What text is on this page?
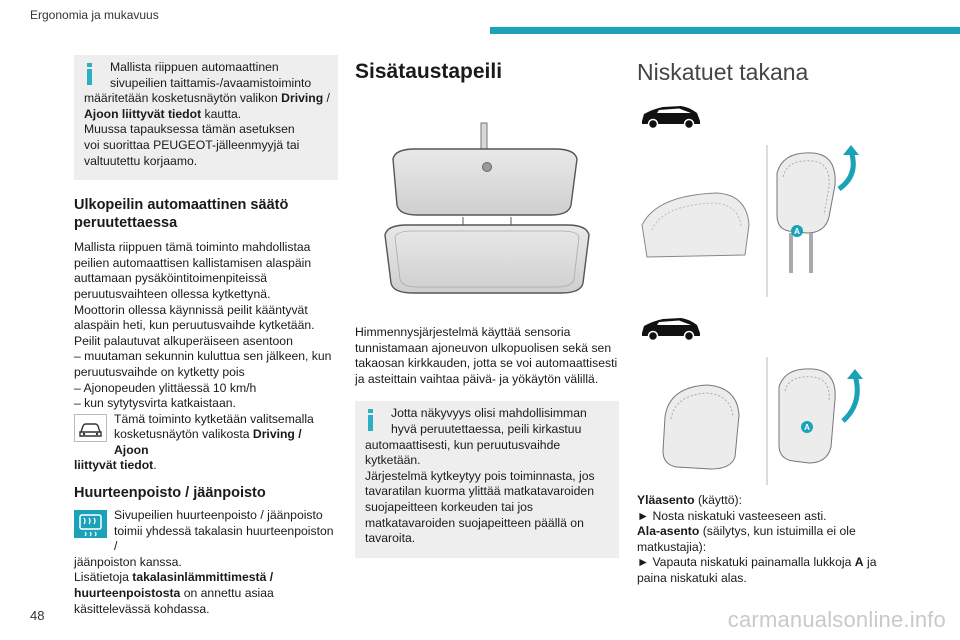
Ergonomia ja mukavuus

Mallista riippuen automaattinen

sivupeilien taittamis-/avaamistoiminto

määritetään kosketusnäytön valikon Driving /

Ajoon liittyvät tiedot kautta.

Muussa tapauksessa tämän asetuksen

voi suorittaa PEUGEOT-jälleenmyyjä tai

valtuutettu korjaamo.

Ulkopeilin automaattinen säätö
peruutettaessa

Mallista riippuen tämä toiminto mahdollistaa

peilien automaattisen kallistamisen alaspäin

auttamaan pysäköintitoimenpiteissä

peruutusvaihteen ollessa kytkettynä.

Moottorin ollessa käynnissä peilit kääntyvät

alaspäin heti, kun peruutusvaihde kytketään.

Peilit palautuvat alkuperäiseen asentoon

– muutaman sekunnin kuluttua sen jälkeen, kun

peruutusvaihde on kytketty pois

– Ajonopeuden ylittäessä 10 km/h

– kun sytytysvirta katkaistaan.

Tämä toiminto kytketään valitsemalla

kosketusnäytön valikosta Driving / Ajoon

liittyvät tiedot.

Huurteenpoisto / jäänpoisto

Sivupeilien huurteenpoisto / jäänpoisto

toimii yhdessä takalasin huurteenpoiston /

jäänpoiston kanssa.

Lisätietoja takalasinlämmittimestä /

huurteenpoistosta on annettu asiaa

käsittelevässä kohdassa.

Sisätaustapeili

Himmennysjärjestelmä käyttää sensoria

tunnistamaan ajoneuvon ulkopuolisen sekä sen

takaosan kirkkauden, jotta se voi automaattisesti

ja asteittain vaihtaa päivä- ja yökäytön välillä.

Jotta näkyvyys olisi mahdollisimman

hyvä peruutettaessa, peili kirkastuu

automaattisesti, kun peruutusvaihde

kytketään.

Järjestelmä kytkeytyy pois toiminnasta, jos

tavaratilan kuorma ylittää matkatavaroiden

suojapeitteen korkeuden tai jos

matkatavaroiden suojapeitteen päällä on

tavaroita.

Niskatuet takana
A
A

Yläasento (käyttö):

► Nosta niskatuki vasteeseen asti.

Ala-asento (säilytys, kun istuimilla ei ole

matkustajia):

► Vapauta niskatuki painamalla lukkoja A ja

paina niskatuki alas.

48	carmanualsonline.info
